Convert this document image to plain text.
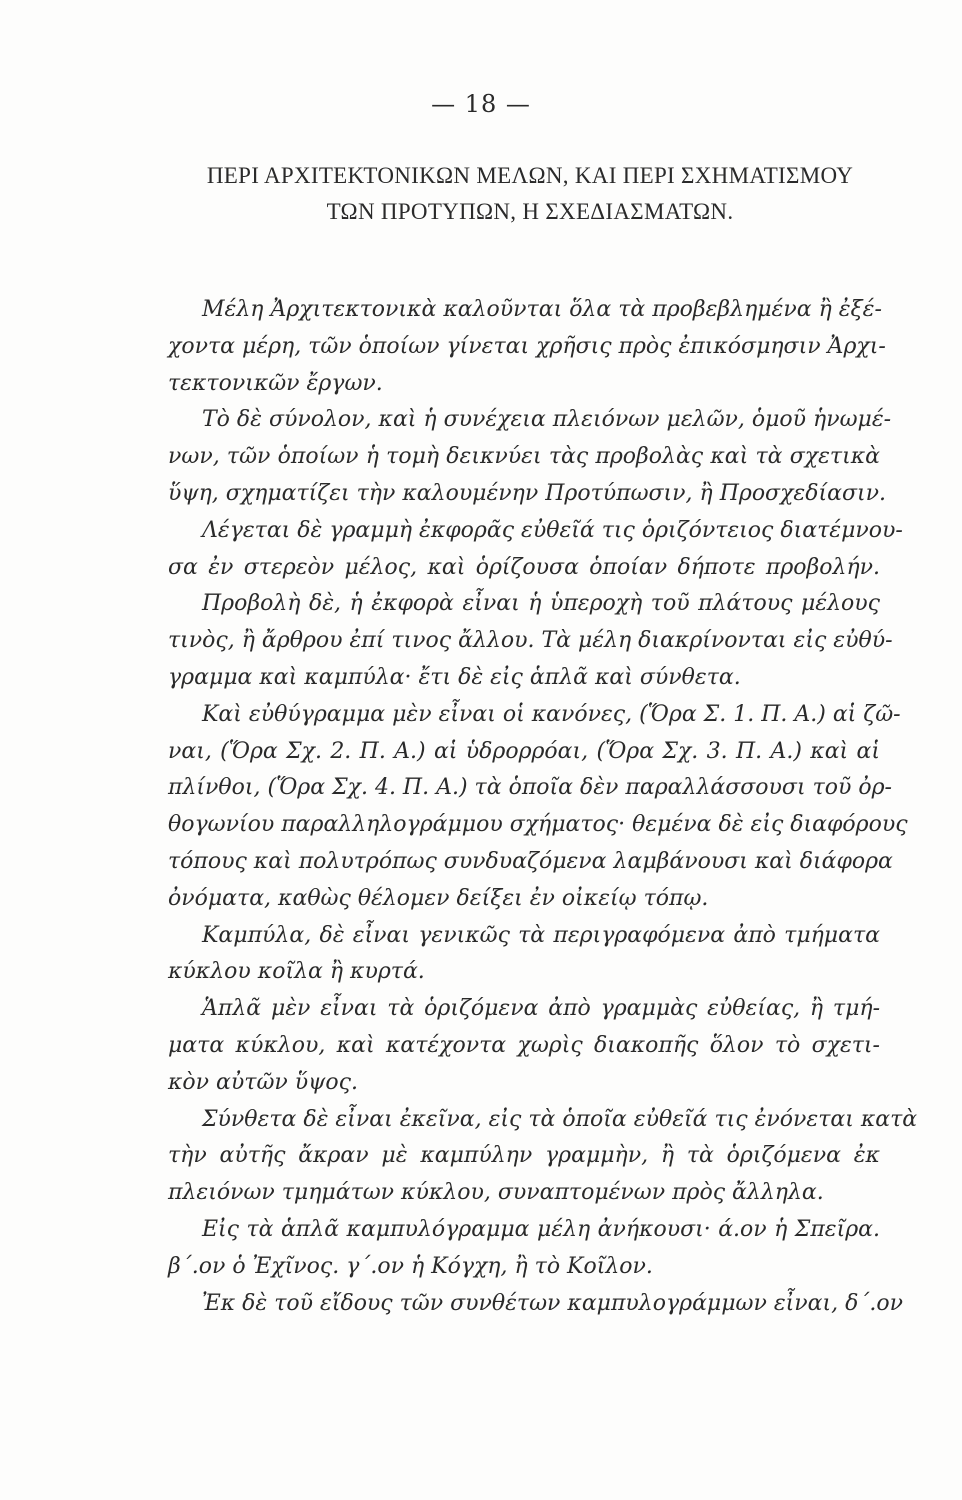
— 18 —
ΠΕΡΙ ΑΡΧΙΤΕΚΤΟΝΙΚΩΝ ΜΕΛΩΝ, ΚΑΙ ΠΕΡΙ ΣΧΗΜΑΤΙΣΜΟΥ
ΤΩΝ ΠΡΟΤΥΠΩΝ, Η ΣΧΕΔΙΑΣΜΑΤΩΝ.
Μέλη Ἀρχιτεκτονικὰ καλοῦνται ὅλα τὰ προβεβλημένα ἢ ἐξέ-
χοντα μέρη, τῶν ὁποίων γίνεται χρῆσις πρὸς ἐπικόσμησιν Ἀρχι-
τεκτονικῶν ἔργων.
Τὸ δὲ σύνολον, καὶ ἡ συνέχεια πλειόνων μελῶν, ὁμοῦ ἡνωμέ-
νων, τῶν ὁποίων ἡ τομὴ δεικνύει τὰς προβολὰς καὶ τὰ σχετικὰ
ὕψη, σχηματίζει τὴν καλουμένην Προτύπωσιν, ἢ Προσχεδίασιν.
Λέγεται δὲ γραμμὴ ἐκφορᾶς εὐθεῖά τις ὁριζόντειος διατέμνου-
σα ἐν στερεὸν μέλος, καὶ ὁρίζουσα ὁποίαν δήποτε προβολήν.
Προβολὴ δὲ, ἡ ἐκφορὰ εἶναι ἡ ὑπεροχὴ τοῦ πλάτους μέλους
τινὸς, ἢ ἄρθρου ἐπί τινος ἄλλου. Τὰ μέλη διακρίνονται εἰς εὐθύ-
γραμμα καὶ καμπύλα· ἔτι δὲ εἰς ἁπλᾶ καὶ σύνθετα.
Καὶ εὐθύγραμμα μὲν εἶναι οἱ κανόνες, (Ὅρα Σ. 1. Π. Α.) αἱ ζῶ-
ναι, (Ὅρα Σχ. 2. Π. Α.) αἱ ὑδρορρόαι, (Ὅρα Σχ. 3. Π. Α.) καὶ αἱ
πλίνθοι, (Ὅρα Σχ. 4. Π. Α.) τὰ ὁποῖα δὲν παραλλάσσουσι τοῦ ὀρ-
θογωνίου παραλληλογράμμου σχήματος· θεμένα δὲ εἰς διαφόρους
τόπους καὶ πολυτρόπως συνδυαζόμενα λαμβάνουσι καὶ διάφορα
ὀνόματα, καθὼς θέλομεν δείξει ἐν οἰκείῳ τόπῳ.
Καμπύλα, δὲ εἶναι γενικῶς τὰ περιγραφόμενα ἀπὸ τμήματα
κύκλου κοῖλα ἢ κυρτά.
Ἁπλᾶ μὲν εἶναι τὰ ὁριζόμενα ἀπὸ γραμμὰς εὐθείας, ἢ τμή-
ματα κύκλου, καὶ κατέχοντα χωρὶς διακοπῆς ὅλον τὸ σχετι-
κὸν αὐτῶν ὕψος.
Σύνθετα δὲ εἶναι ἐκεῖνα, εἰς τὰ ὁποῖα εὐθεῖά τις ἐνόνεται κατὰ
τὴν αὐτῆς ἄκραν μὲ καμπύλην γραμμὴν, ἢ τὰ ὁριζόμενα ἐκ
πλειόνων τμημάτων κύκλου, συναπτομένων πρὸς ἄλληλα.
Εἰς τὰ ἁπλᾶ καμπυλόγραμμα μέλη ἀνήκουσι· ά.ον ἡ Σπεῖρα.
β΄.ον ὁ Ἐχῖνος. γ΄.ον ἡ Κόγχη, ἢ τὸ Κοῖλον.
Ἐκ δὲ τοῦ εἴδους τῶν συνθέτων καμπυλογράμμων εἶναι, δ΄.ον
